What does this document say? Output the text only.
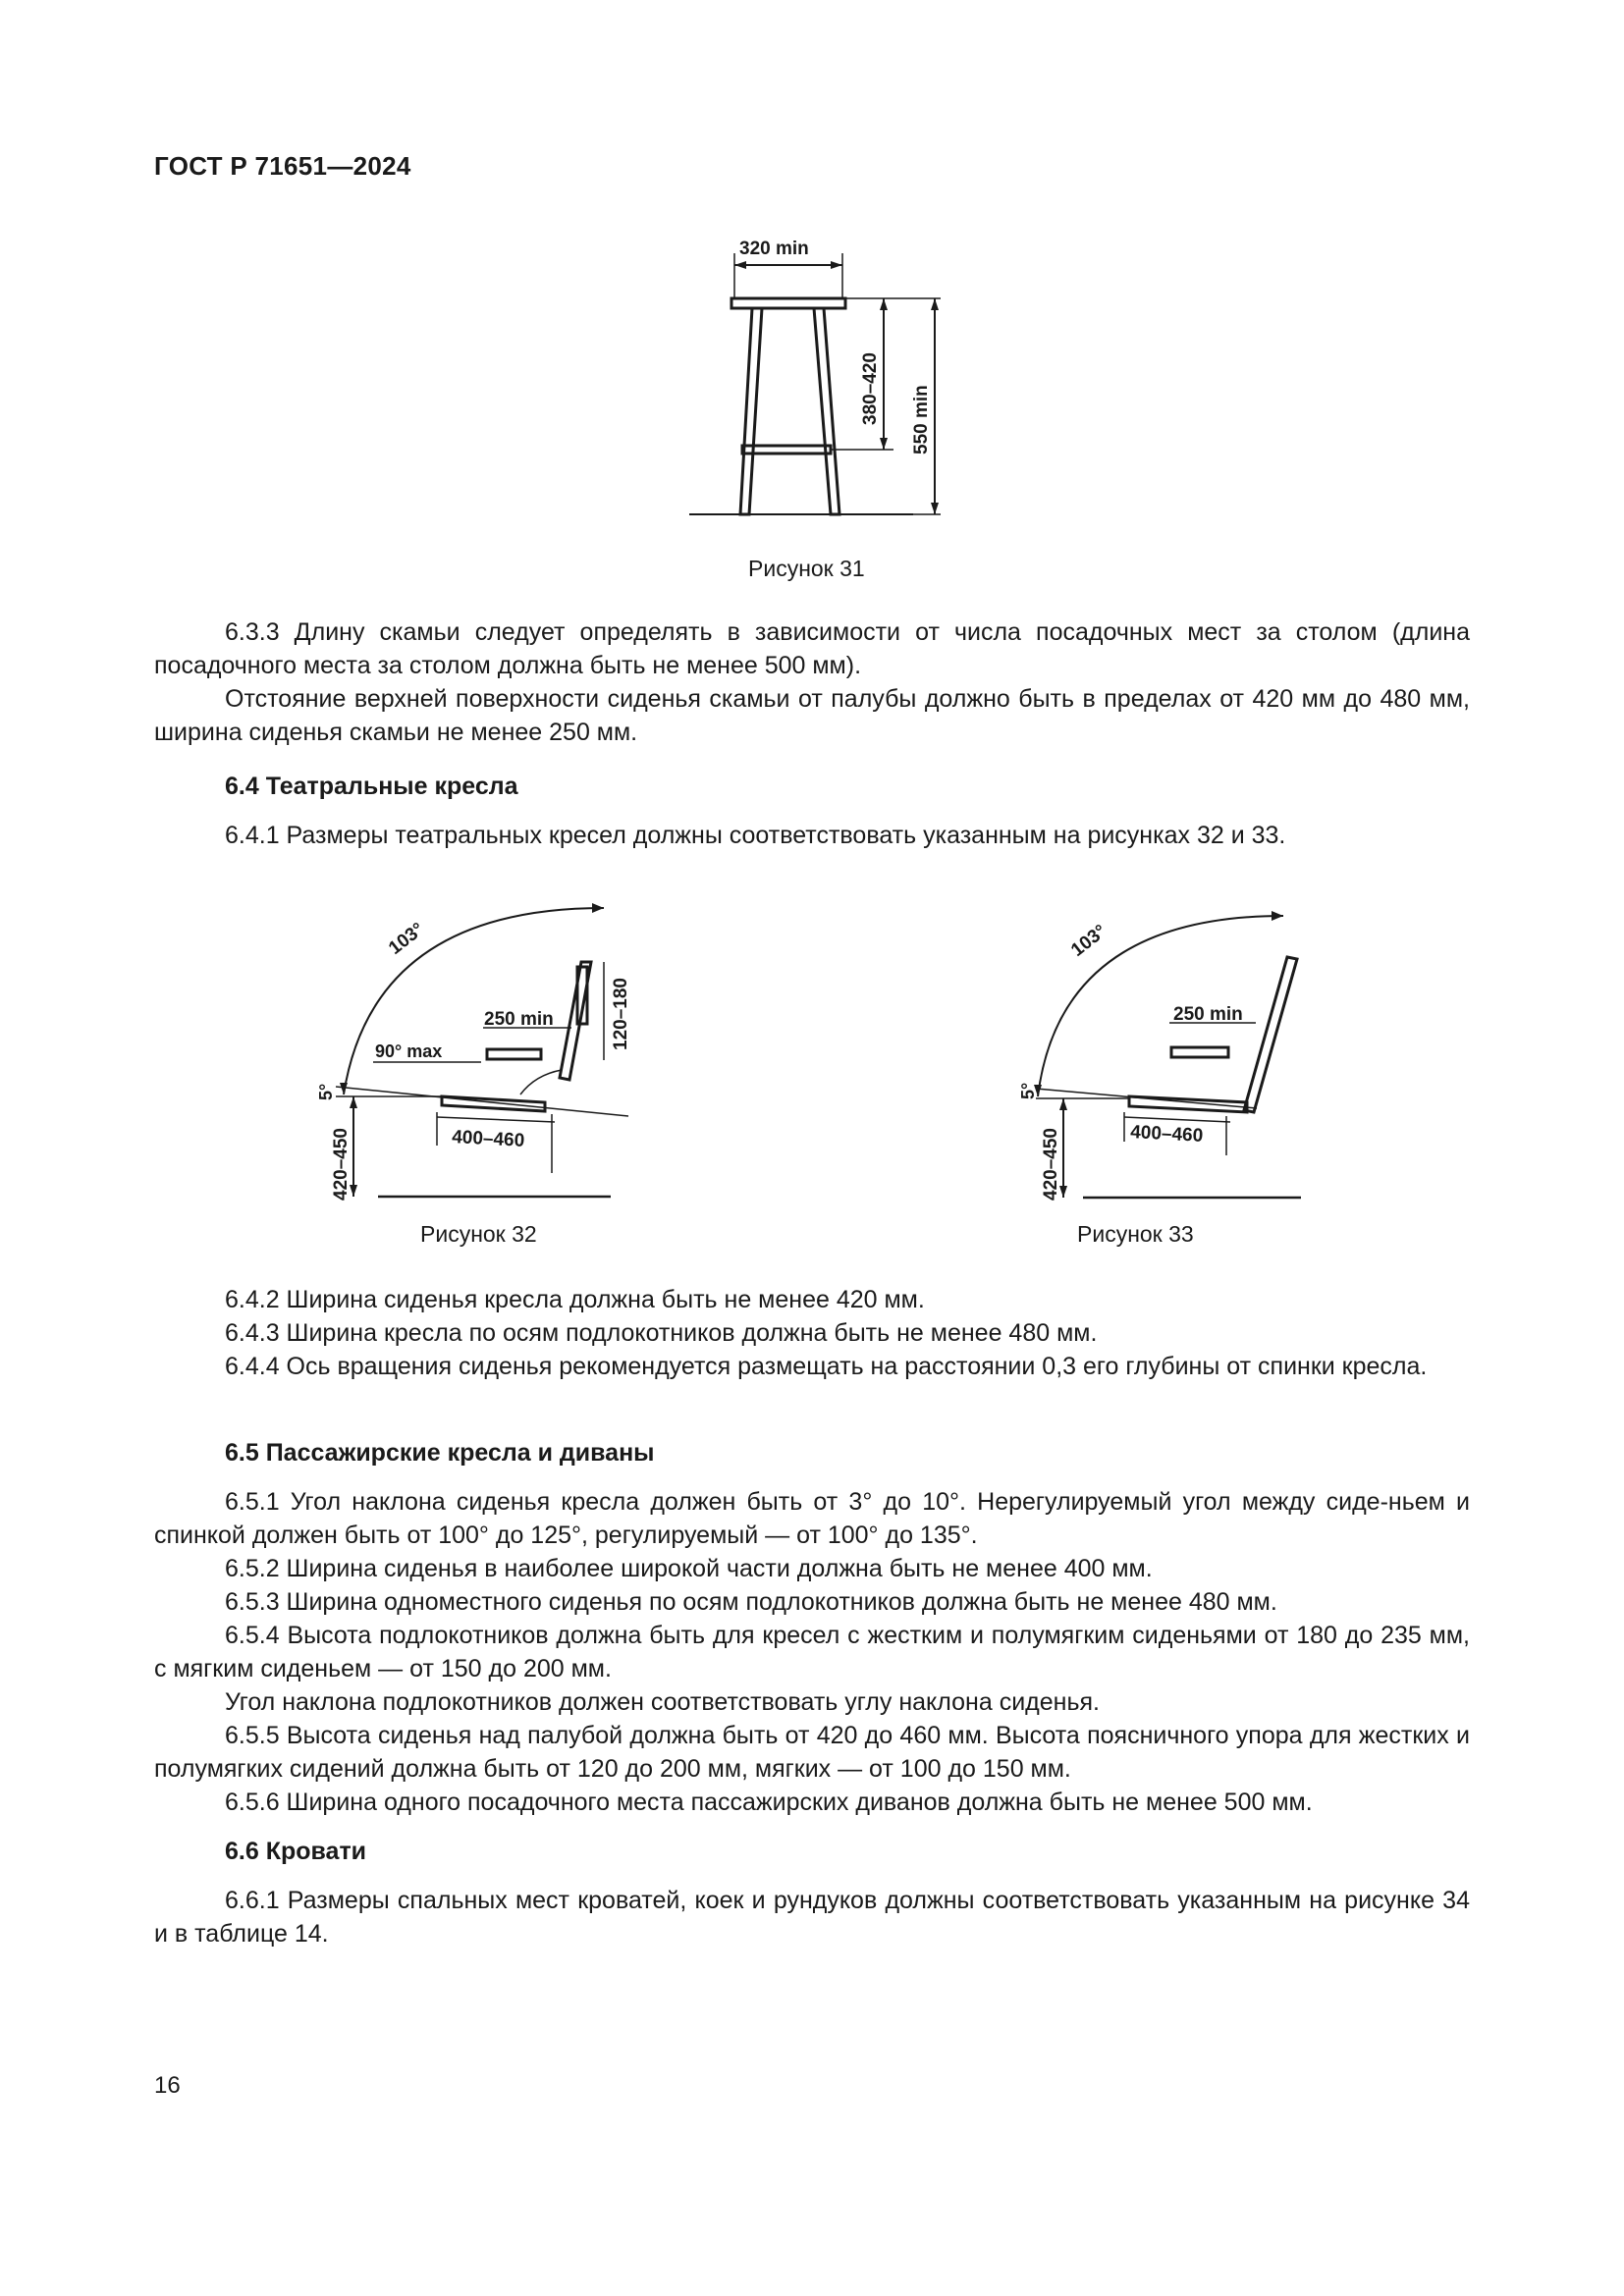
ГОСТ Р 71651—2024
320 min
380–420 550 min
Рисунок 31

6.3.3 Длину скамьи следует определять в зависимости от числа посадочных мест за столом (длина посадочного места за столом должна быть не менее 500 мм).

Отстояние верхней поверхности сиденья скамьи от палубы должно быть в пределах от 420 мм до 480 мм, ширина сиденья скамьи не менее 250 мм.

6.4 Театральные кресла

6.4.1 Размеры театральных кресел должны соответствовать указанным на рисунках 32 и 33.

103°
120–180
250 min
90° max
5°
400–460
420–450
Рисунок 32
103°
250 min
5°
400–460
420–450
Рисунок 33

6.4.2 Ширина сиденья кресла должна быть не менее 420 мм.

6.4.3 Ширина кресла по осям подлокотников должна быть не менее 480 мм.

6.4.4 Ось вращения сиденья рекомендуется размещать на расстоянии 0,3 его глубины от спинки кресла.

6.5 Пассажирские кресла и диваны

6.5.1 Угол наклона сиденья кресла должен быть от 3° до 10°. Нерегулируемый угол между сиде-ньем и спинкой должен быть от 100° до 125°, регулируемый — от 100° до 135°.

6.5.2 Ширина сиденья в наиболее широкой части должна быть не менее 400 мм.

6.5.3 Ширина одноместного сиденья по осям подлокотников должна быть не менее 480 мм.

6.5.4 Высота подлокотников должна быть для кресел с жестким и полумягким сиденьями от 180 до 235 мм, с мягким сиденьем — от 150 до 200 мм.

Угол наклона подлокотников должен соответствовать углу наклона сиденья.

6.5.5 Высота сиденья над палубой должна быть от 420 до 460 мм. Высота поясничного упора для жестких и полумягких сидений должна быть от 120 до 200 мм, мягких — от 100 до 150 мм.

6.5.6 Ширина одного посадочного места пассажирских диванов должна быть не менее 500 мм.

6.6 Кровати

6.6.1 Размеры спальных мест кроватей, коек и рундуков должны соответствовать указанным на рисунке 34 и в таблице 14.

16
